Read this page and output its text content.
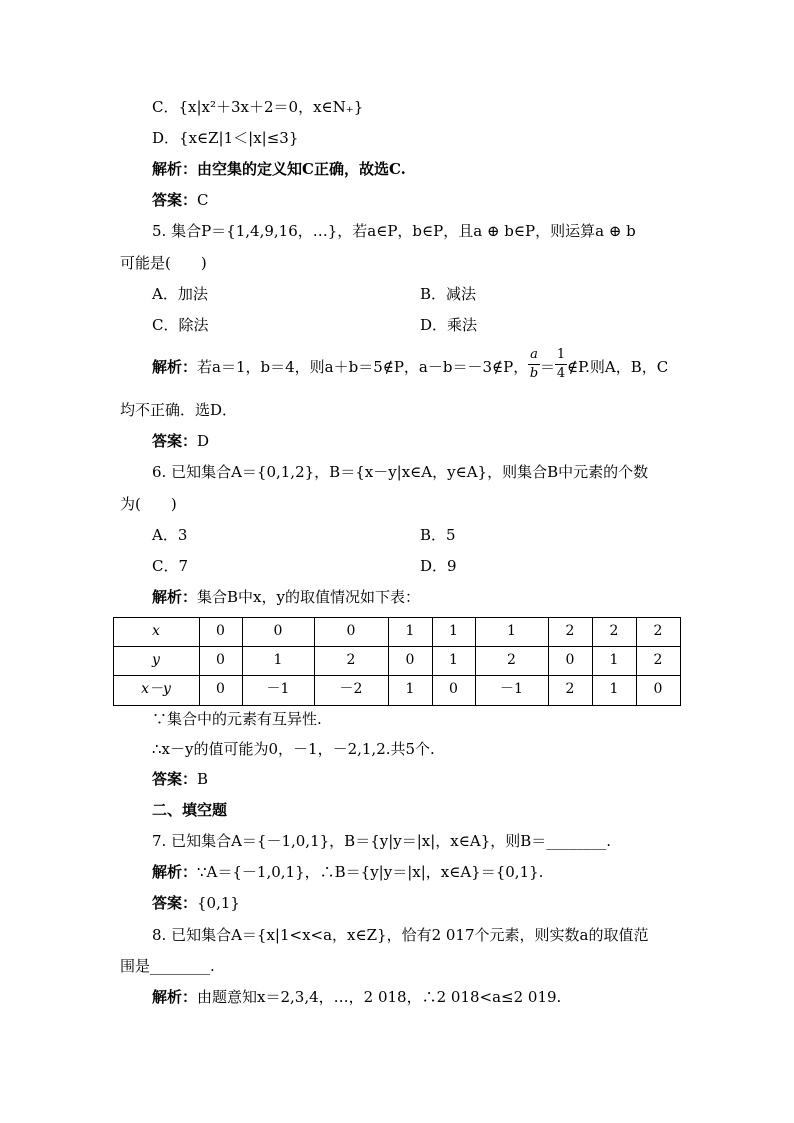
C．{x|x²＋3x＋2＝0，x∈N₊}
D．{x∈Z|1＜|x|≤3}
解析：由空集的定义知C正确，故选C.
答案：C
5. 集合P＝{1,4,9,16，…}，若a∈P，b∈P，且a ⊕ b∈P，则运算a ⊕ b
可能是(　　)
A．加法	B．减法
C．除法	D．乘法
解析：若a＝1，b＝4，则a＋b＝5∉P，a－b＝－3∉P，
a
b ＝
1
4 ∉P.则A，B，C
均不正确．选D．
答案：D
6. 已知集合A＝{0,1,2}，B＝{x－y|x∈A，y∈A}，则集合B中元素的个数
为(　　)
A．3	B．5
C．7	D．9
解析：集合B中x，y的取值情况如下表：
x	0	0	0	1	1	1	2	2	2
y	0	1	2	0	1	2	0	1	2
x－y	0	－1	－2	1	0	－1	2	1	0
∵集合中的元素有互异性.
∴x－y的值可能为0，－1，－2,1,2.共5个.
答案：B
二、填空题
7. 已知集合A＝{－1,0,1}，B＝{y|y＝|x|，x∈A}，则B＝________.
解析：∵A＝{－1,0,1}，∴B＝{y|y＝|x|，x∈A}＝{0,1}.
答案：{0,1}
8. 已知集合A＝{x|1<x<a，x∈Z}，恰有2 017个元素，则实数a的取值范
围是________.
解析：由题意知x＝2,3,4，…，2 018，∴2 018<a≤2 019.
